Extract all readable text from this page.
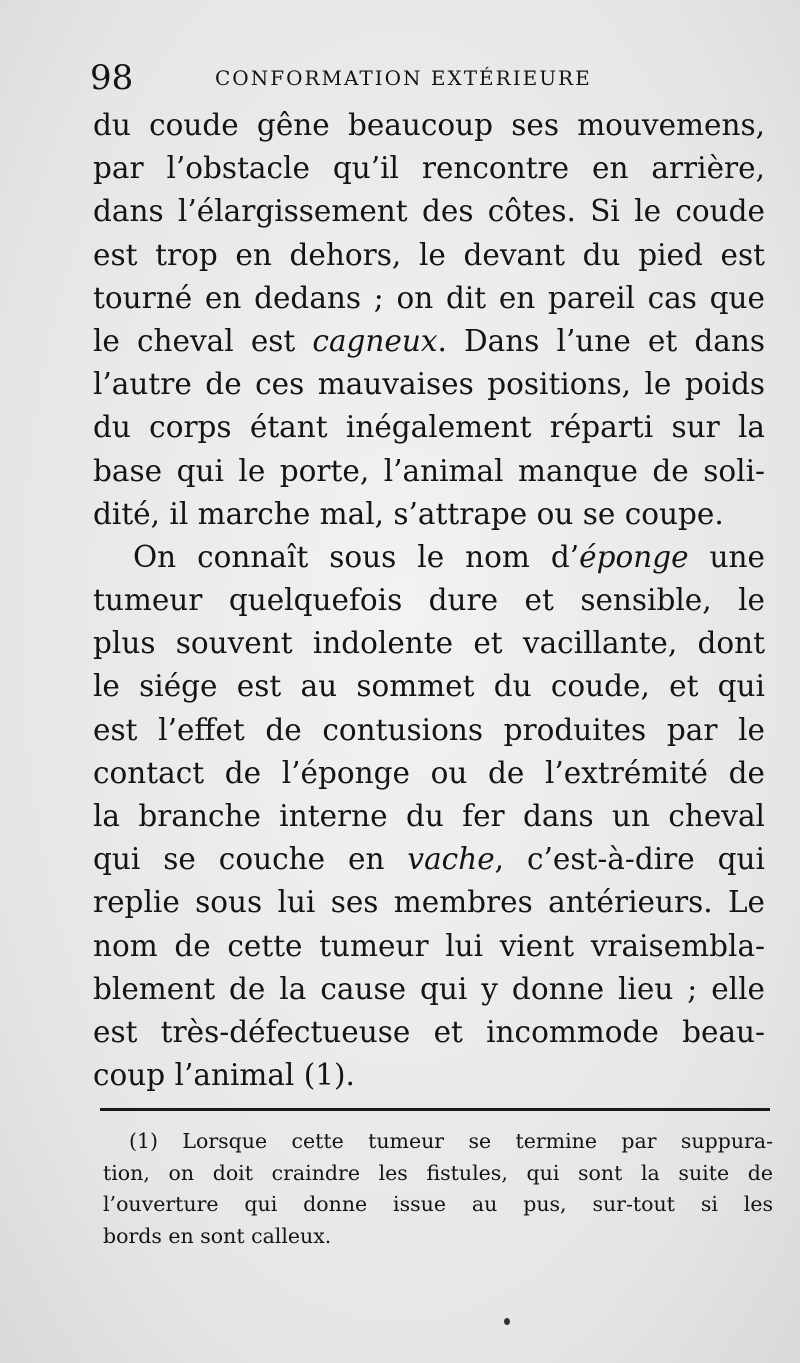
98	CONFORMATION EXTÉRIEURE
du coude gêne beaucoup ses mouvemens,
par l’obstacle qu’il rencontre en arrière,
dans l’élargissement des côtes. Si le coude
est trop en dehors, le devant du pied est
tourné en dedans ; on dit en pareil cas que
le cheval est cagneux. Dans l’une et dans
l’autre de ces mauvaises positions, le poids
du corps étant inégalement réparti sur la
base qui le porte, l’animal manque de soli-
dité, il marche mal, s’attrape ou se coupe.
On connaît sous le nom d’éponge une
tumeur quelquefois dure et sensible, le
plus souvent indolente et vacillante, dont
le siége est au sommet du coude, et qui
est l’effet de contusions produites par le
contact de l’éponge ou de l’extrémité de
la branche interne du fer dans un cheval
qui se couche en vache, c’est-à-dire qui
replie sous lui ses membres antérieurs. Le
nom de cette tumeur lui vient vraisembla-
blement de la cause qui y donne lieu ; elle
est très-défectueuse et incommode beau-
coup l’animal (1).
(1) Lorsque cette tumeur se termine par suppura-
tion, on doit craindre les fistules, qui sont la suite de
l’ouverture qui donne issue au pus, sur-tout si les
bords en sont calleux.
